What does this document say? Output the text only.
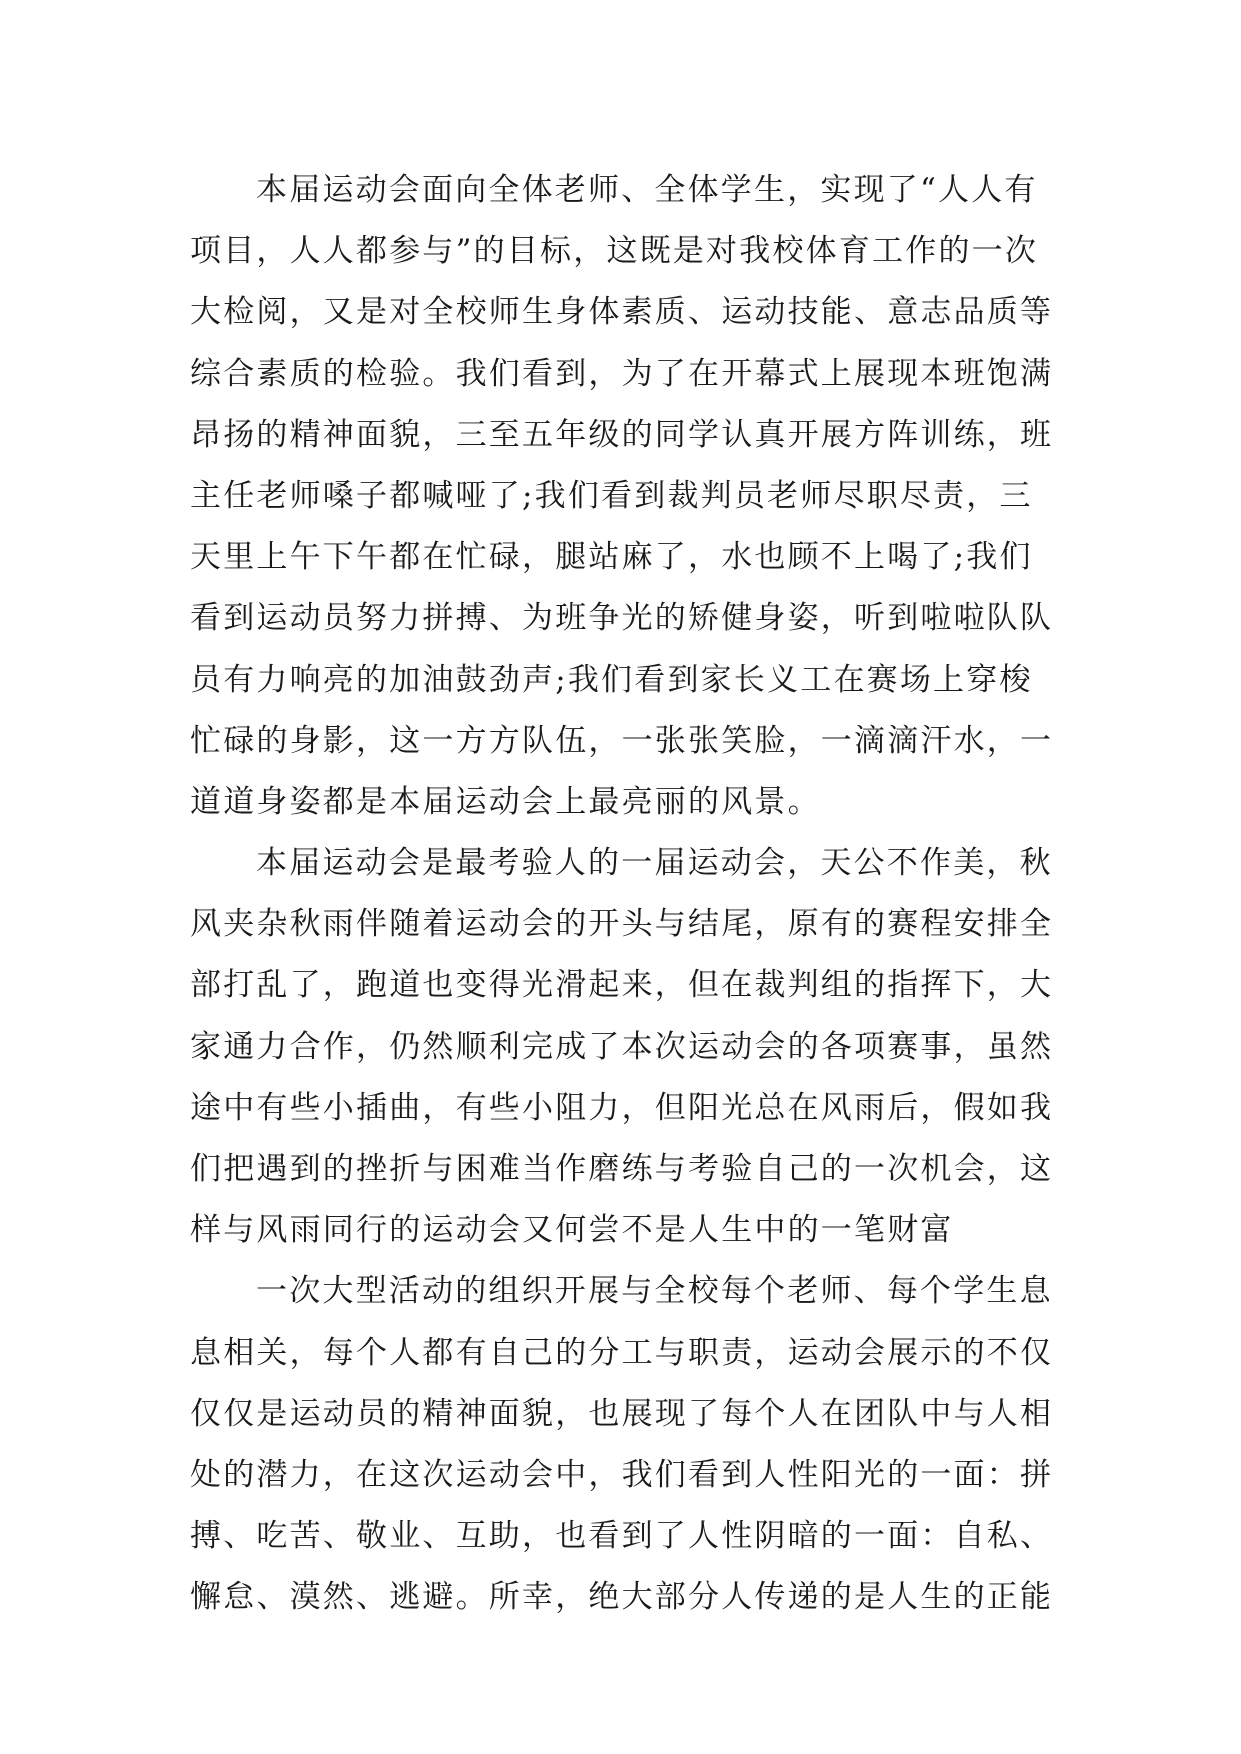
本届运动会面向全体老师、全体学生，实现了“人人有
项目，人人都参与”的目标，这既是对我校体育工作的一次
大检阅，又是对全校师生身体素质、运动技能、意志品质等
综合素质的检验。我们看到，为了在开幕式上展现本班饱满
昂扬的精神面貌，三至五年级的同学认真开展方阵训练，班
主任老师嗓子都喊哑了;我们看到裁判员老师尽职尽责，三
天里上午下午都在忙碌，腿站麻了，水也顾不上喝了;我们
看到运动员努力拼搏、为班争光的矫健身姿，听到啦啦队队
员有力响亮的加油鼓劲声;我们看到家长义工在赛场上穿梭
忙碌的身影，这一方方队伍，一张张笑脸，一滴滴汗水，一
道道身姿都是本届运动会上最亮丽的风景。
本届运动会是最考验人的一届运动会，天公不作美，秋
风夹杂秋雨伴随着运动会的开头与结尾，原有的赛程安排全
部打乱了，跑道也变得光滑起来，但在裁判组的指挥下，大
家通力合作，仍然顺利完成了本次运动会的各项赛事，虽然
途中有些小插曲，有些小阻力，但阳光总在风雨后，假如我
们把遇到的挫折与困难当作磨练与考验自己的一次机会，这
样与风雨同行的运动会又何尝不是人生中的一笔财富
一次大型活动的组织开展与全校每个老师、每个学生息
息相关，每个人都有自己的分工与职责，运动会展示的不仅
仅仅是运动员的精神面貌，也展现了每个人在团队中与人相
处的潜力，在这次运动会中，我们看到人性阳光的一面：拼
搏、吃苦、敬业、互助，也看到了人性阴暗的一面：自私、
懈怠、漠然、逃避。所幸，绝大部分人传递的是人生的正能
